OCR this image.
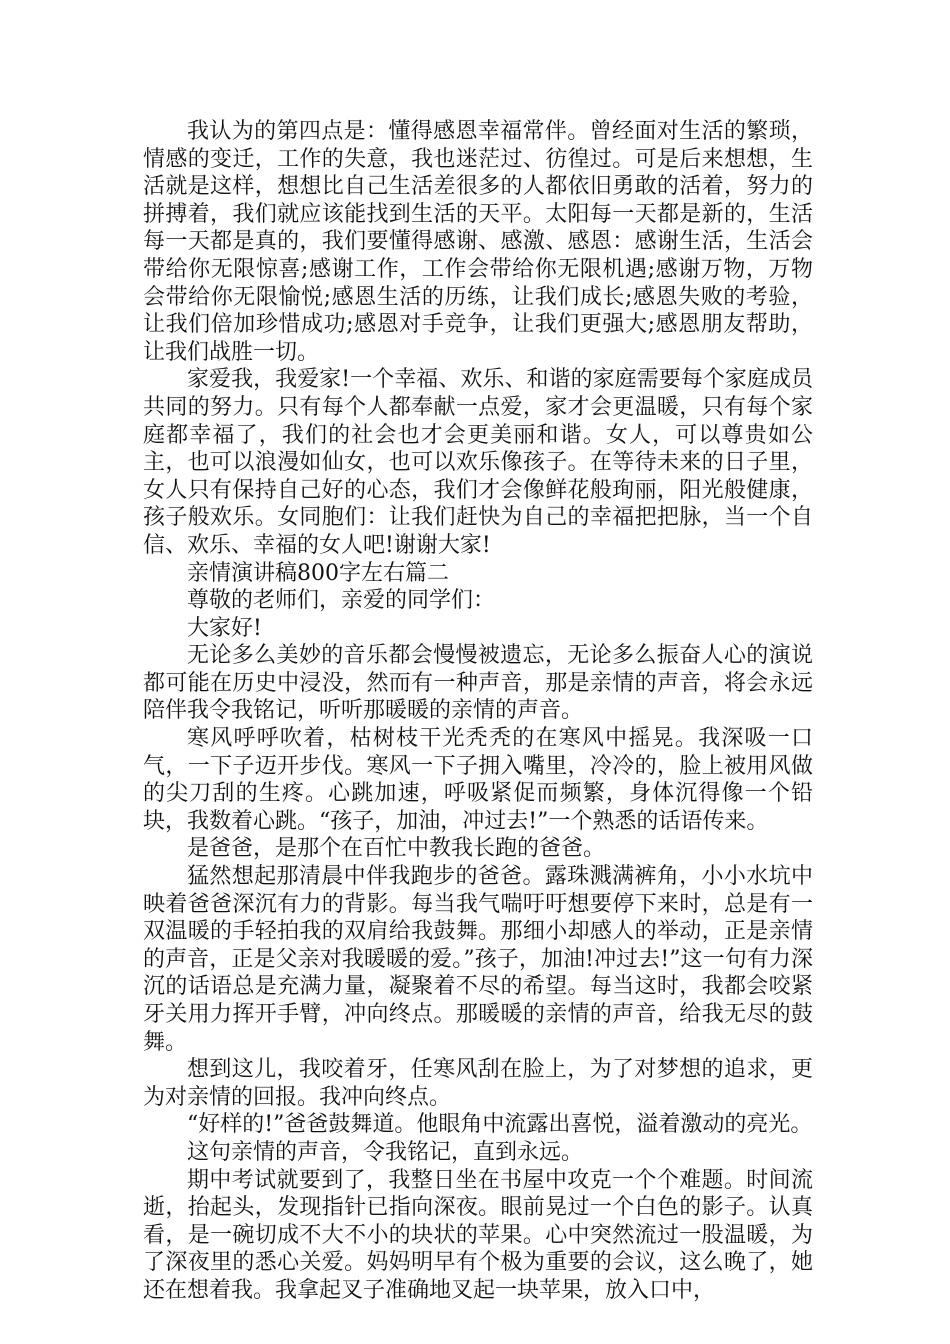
我认为的第四点是：懂得感恩幸福常伴。曾经面对生活的繁琐，情感的变迁，工作的失意，我也迷茫过、彷徨过。可是后来想想，生活就是这样，想想比自己生活差很多的人都依旧勇敢的活着，努力的拼搏着，我们就应该能找到生活的天平。太阳每一天都是新的，生活每一天都是真的，我们要懂得感谢、感激、感恩：感谢生活，生活会带给你无限惊喜;感谢工作，工作会带给你无限机遇;感谢万物，万物会带给你无限愉悦;感恩生活的历练，让我们成长;感恩失败的考验，让我们倍加珍惜成功;感恩对手竞争，让我们更强大;感恩朋友帮助，让我们战胜一切。

家爱我，我爱家!一个幸福、欢乐、和谐的家庭需要每个家庭成员共同的努力。只有每个人都奉献一点爱，家才会更温暖，只有每个家庭都幸福了，我们的社会也才会更美丽和谐。女人，可以尊贵如公主，也可以浪漫如仙女，也可以欢乐像孩子。在等待未来的日子里，女人只有保持自己好的心态，我们才会像鲜花般珣丽，阳光般健康，孩子般欢乐。女同胞们：让我们赶快为自己的幸福把把脉，当一个自信、欢乐、幸福的女人吧!谢谢大家!

亲情演讲稿800字左右篇二

尊敬的老师们，亲爱的同学们：

大家好!

无论多么美妙的音乐都会慢慢被遗忘，无论多么振奋人心的演说都可能在历史中浸没，然而有一种声音，那是亲情的声音，将会永远陪伴我令我铭记，听听那暖暖的亲情的声音。

寒风呼呼吹着，枯树枝干光秃秃的在寒风中摇晃。我深吸一口气，一下子迈开步伐。寒风一下子拥入嘴里，冷冷的，脸上被用风做的尖刀刮的生疼。心跳加速，呼吸紧促而频繁，身体沉得像一个铅块，我数着心跳。“孩子，加油，冲过去!”一个熟悉的话语传来。

是爸爸，是那个在百忙中教我长跑的爸爸。

猛然想起那清晨中伴我跑步的爸爸。露珠溅满裤角，小小水坑中映着爸爸深沉有力的背影。每当我气喘吁吁想要停下来时，总是有一双温暖的手轻拍我的双肩给我鼓舞。那细小却感人的举动，正是亲情的声音，正是父亲对我暖暖的爱。”孩子，加油!冲过去!”这一句有力深沉的话语总是充满力量，凝聚着不尽的希望。每当这时，我都会咬紧牙关用力挥开手臂，冲向终点。那暖暖的亲情的声音，给我无尽的鼓舞。

想到这儿，我咬着牙，任寒风刮在脸上，为了对梦想的追求，更为对亲情的回报。我冲向终点。

“好样的!”爸爸鼓舞道。他眼角中流露出喜悦，溢着激动的亮光。

这句亲情的声音，令我铭记，直到永远。

期中考试就要到了，我整日坐在书屋中攻克一个个难题。时间流逝，抬起头，发现指针已指向深夜。眼前晃过一个白色的影子。认真看，是一碗切成不大不小的块状的苹果。心中突然流过一股温暖，为了深夜里的悉心关爱。妈妈明早有个极为重要的会议，这么晚了，她还在想着我。我拿起叉子准确地叉起一块苹果，放入口中，
